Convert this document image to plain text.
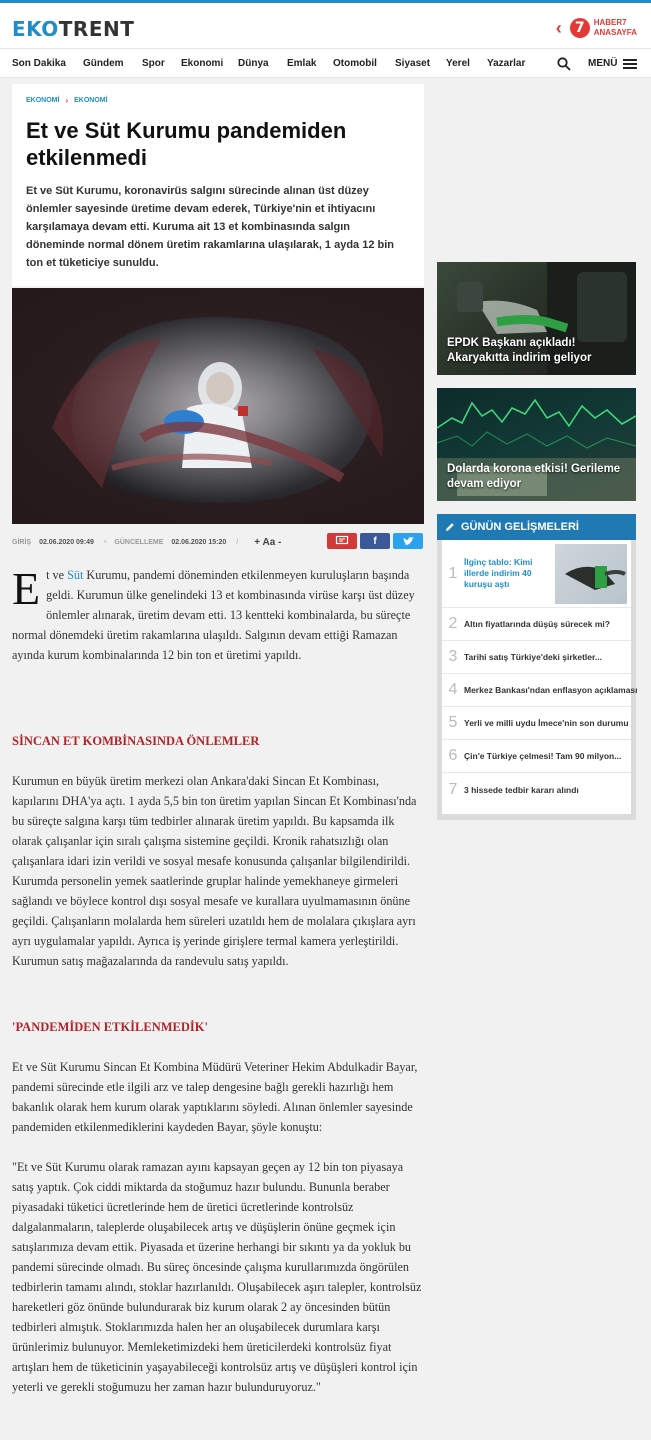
EKOTRENT	‹ 7	HABER7
ANASAYFA
Son Dakika Gündem Spor Ekonomi Dünya Emlak Otomobil Siyaset Yerel Yazarlar	MENÜ
EKONOMİ › EKONOMİ
Et ve Süt Kurumu pandemiden etkilenmedi

Et ve Süt Kurumu, koronavirüs salgını sürecinde alınan üst düzey önlemler sayesinde üretime devam ederek, Türkiye'nin et ihtiyacını karşılamaya devam etti. Kuruma ait 13 et kombinasında salgın döneminde normal dönem üretim rakamlarına ulaşılarak, 1 ayda 12 bin ton et tüketiciye sunuldu.

GİRİŞ 02.06.2020 09:49 • GÜNCELLEME 02.06.2020 15:20 / + Aa -	f

Et ve Süt Kurumu, pandemi döneminden etkilenmeyen kuruluşların başında geldi. Kurumun ülke genelindeki 13 et kombinasında virüse karşı üst düzey önlemler alınarak, üretim devam etti. 13 kentteki kombinalarda, bu süreçte normal dönemdeki üretim rakamlarına ulaşıldı. Salgının devam ettiği Ramazan ayında kurum kombinalarında 12 bin ton et üretimi yapıldı.

SİNCAN ET KOMBİNASINDA ÖNLEMLER

Kurumun en büyük üretim merkezi olan Ankara'daki Sincan Et Kombinası, kapılarını DHA'ya açtı. 1 ayda 5,5 bin ton üretim yapılan Sincan Et Kombinası'nda bu süreçte salgına karşı tüm tedbirler alınarak üretim yapıldı. Bu kapsamda ilk olarak çalışanlar için sıralı çalışma sistemine geçildi. Kronik rahatsızlığı olan çalışanlara idari izin verildi ve sosyal mesafe konusunda çalışanlar bilgilendirildi. Kurumda personelin yemek saatlerinde gruplar halinde yemekhaneye girmeleri sağlandı ve böylece kontrol dışı sosyal mesafe ve kurallara uyulmamasının önüne geçildi. Çalışanların molalarda hem süreleri uzatıldı hem de molalara çıkışlara ayrı ayrı uygulamalar yapıldı. Ayrıca iş yerinde girişlere termal kamera yerleştirildi. Kurumun satış mağazalarında da randevulu satış yapıldı.

'PANDEMİDEN ETKİLENMEDİK'

Et ve Süt Kurumu Sincan Et Kombina Müdürü Veteriner Hekim Abdulkadir Bayar, pandemi sürecinde etle ilgili arz ve talep dengesine bağlı gerekli hazırlığı hem bakanlık olarak hem kurum olarak yaptıklarını söyledi. Alınan önlemler sayesinde pandemiden etkilenmediklerini kaydeden Bayar, şöyle konuştu:

"Et ve Süt Kurumu olarak ramazan ayını kapsayan geçen ay 12 bin ton piyasaya satış yaptık. Çok ciddi miktarda da stoğumuz hazır bulundu. Bununla beraber piyasadaki tüketici ücretlerinde hem de üretici ücretlerinde kontrolsüz dalgalanmaların, taleplerde oluşabilecek artış ve düşüşlerin önüne geçmek için satışlarımıza devam ettik. Piyasada et üzerine herhangi bir sıkıntı ya da yokluk bu pandemi sürecinde olmadı. Bu süreç öncesinde çalışma kurullarımızda öngörülen tedbirlerin tamamı alındı, stoklar hazırlanıldı. Oluşabilecek aşırı talepler, kontrolsüz hareketleri göz önünde bulundurarak biz kurum olarak 2 ay öncesinden bütün tedbirleri almıştık. Stoklarımızda halen her an oluşabilecek durumlara karşı ürünlerimiz bulunuyor. Memleketimizdeki hem üreticilerdeki kontrolsüz fiyat artışları hem de tüketicinin yaşayabileceği kontrolsüz artış ve düşüşleri kontrol için yeterli ve gerekli stoğumuzu her zaman hazır bulunduruyoruz."

EPDK Başkanı açıkladı! Akaryakıtta indirim geliyor
Dolarda korona etkisi! Gerileme devam ediyor
GÜNÜN GELİŞMELERİ
1
İlginç tablo: Kimi illerde indirim 40 kuruşu aştı
2 Altın fiyatlarında düşüş sürecek mi?
3 Tarihi satış Türkiye'deki şirketler...
4 Merkez Bankası'ndan enflasyon açıklaması
5 Yerli ve milli uydu İmece'nin son durumu
6 Çin'e Türkiye çelmesi! Tam 90 milyon...
7 3 hissede tedbir kararı alındı
